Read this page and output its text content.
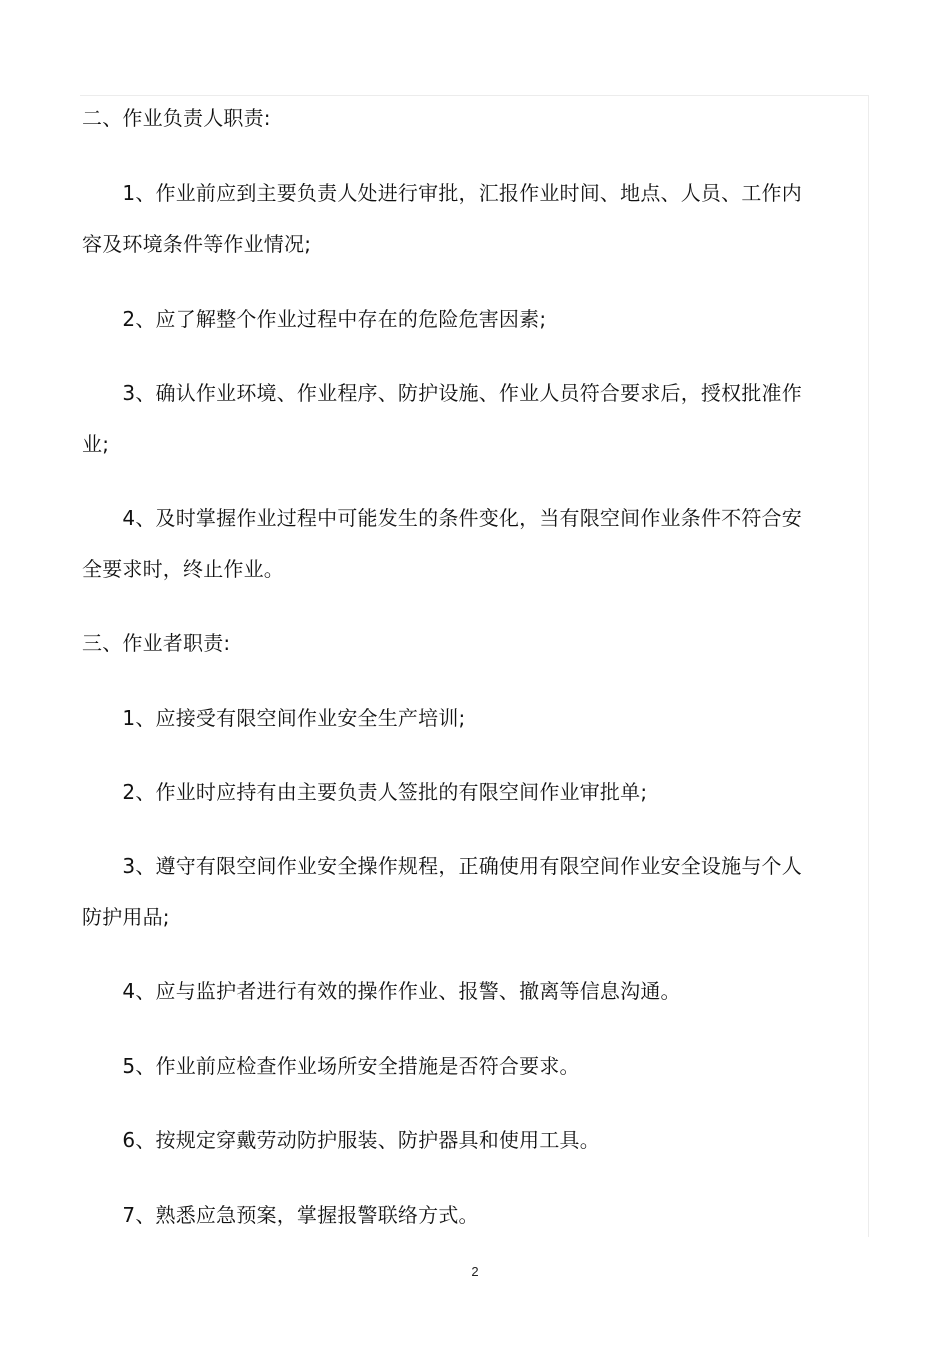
二、作业负责人职责:
　　1、作业前应到主要负责人处进行审批，汇报作业时间、地点、人员、工作内
容及环境条件等作业情况;
　　2、应了解整个作业过程中存在的危险危害因素;
　　3、确认作业环境、作业程序、防护设施、作业人员符合要求后，授权批准作
业;
　　4、及时掌握作业过程中可能发生的条件变化，当有限空间作业条件不符合安
全要求时，终止作业。
三、作业者职责:
　　1、应接受有限空间作业安全生产培训;
　　2、作业时应持有由主要负责人签批的有限空间作业审批单;
　　3、遵守有限空间作业安全操作规程，正确使用有限空间作业安全设施与个人
防护用品;
　　4、应与监护者进行有效的操作作业、报警、撤离等信息沟通。
　　5、作业前应检查作业场所安全措施是否符合要求。
　　6、按规定穿戴劳动防护服装、防护器具和使用工具。
　　7、熟悉应急预案，掌握报警联络方式。
2
